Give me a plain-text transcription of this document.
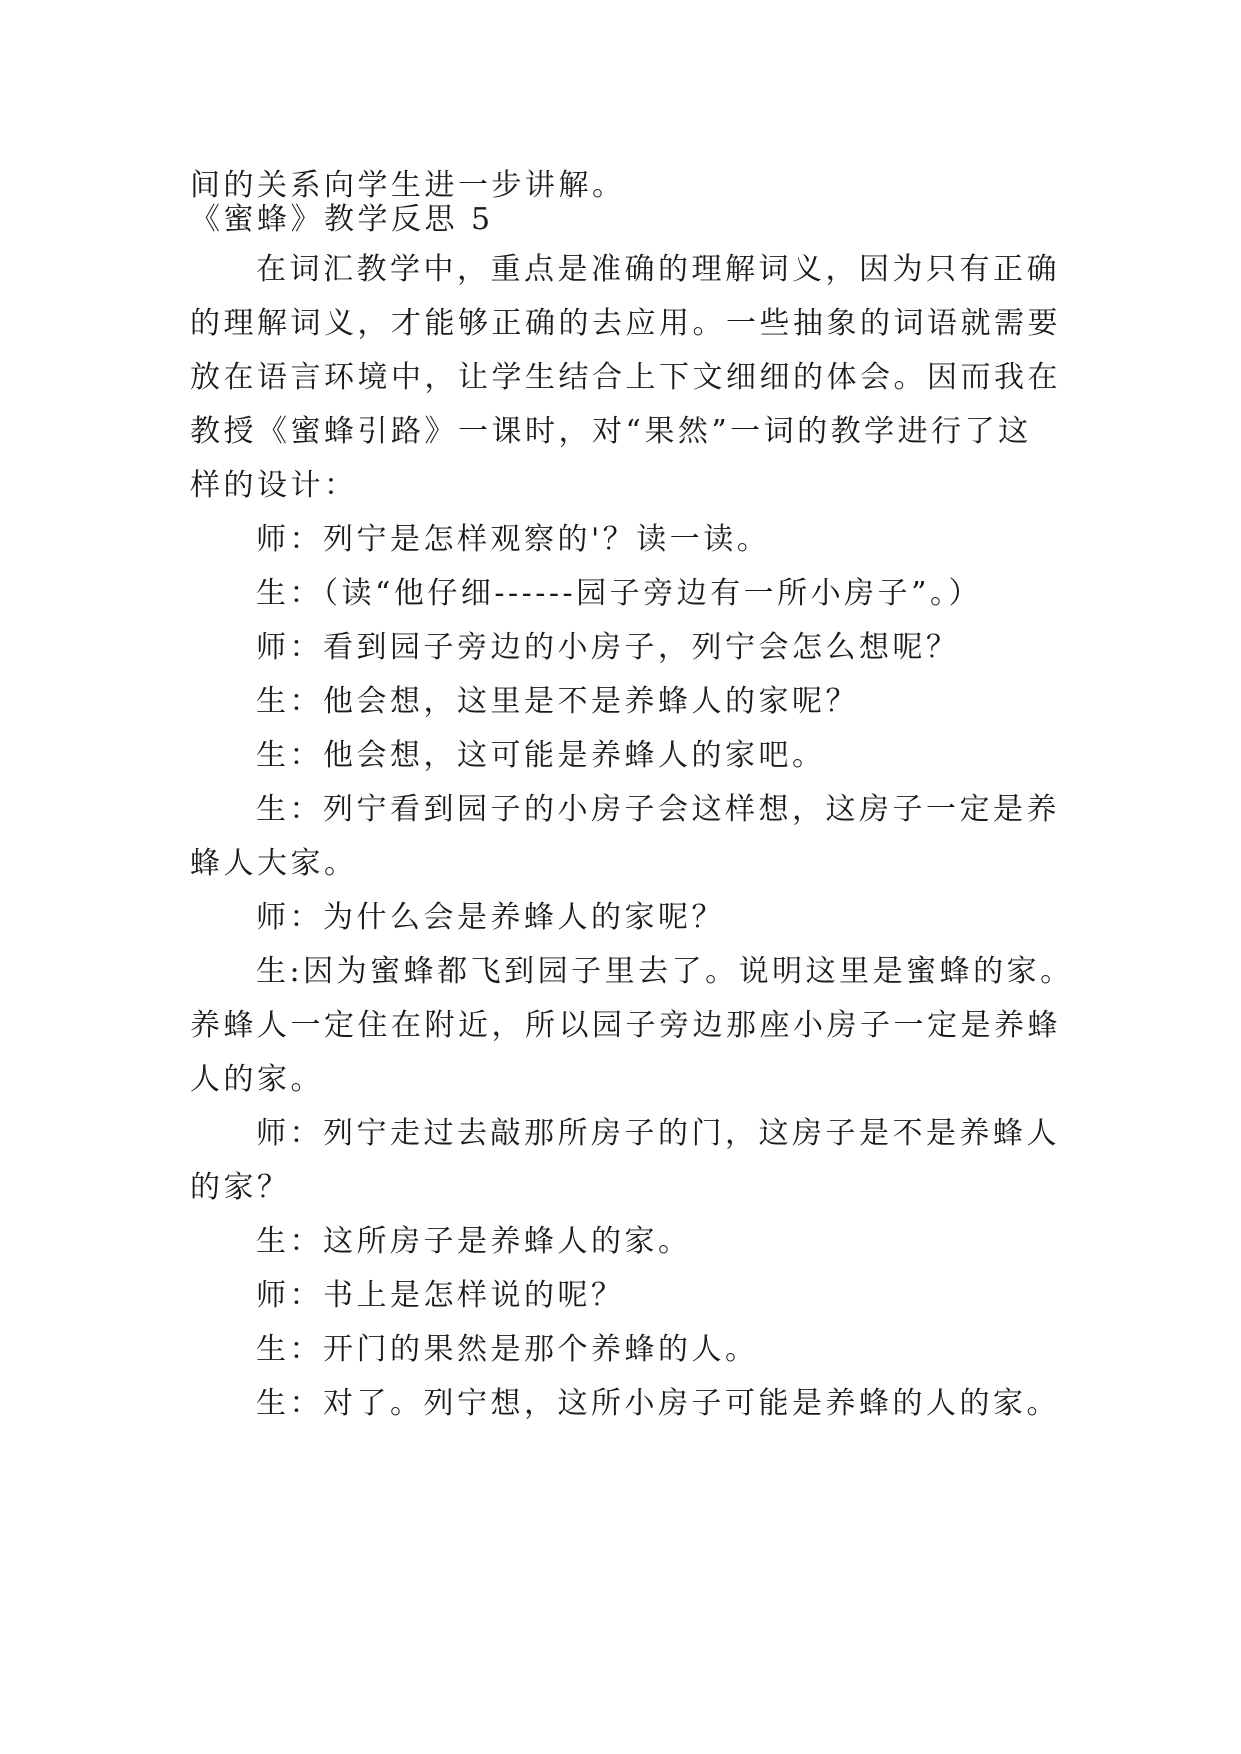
间的关系向学生进一步讲解。
《蜜蜂》教学反思 5
在词汇教学中，重点是准确的理解词义，因为只有正确
的理解词义，才能够正确的去应用。一些抽象的词语就需要
放在语言环境中，让学生结合上下文细细的体会。因而我在
教授《蜜蜂引路》一课时，对“果然”一词的教学进行了这
样的设计：
师：列宁是怎样观察的'？读一读。
生：（读“他仔细------园子旁边有一所小房子”。）
师：看到园子旁边的小房子，列宁会怎么想呢？
生：他会想，这里是不是养蜂人的家呢？
生：他会想，这可能是养蜂人的家吧。
生：列宁看到园子的小房子会这样想，这房子一定是养
蜂人大家。
师：为什么会是养蜂人的家呢？
生:因为蜜蜂都飞到园子里去了。说明这里是蜜蜂的家。
养蜂人一定住在附近，所以园子旁边那座小房子一定是养蜂
人的家。
师：列宁走过去敲那所房子的门，这房子是不是养蜂人
的家？
生：这所房子是养蜂人的家。
师：书上是怎样说的呢？
生：开门的果然是那个养蜂的人。
生：对了。列宁想，这所小房子可能是养蜂的人的家。
